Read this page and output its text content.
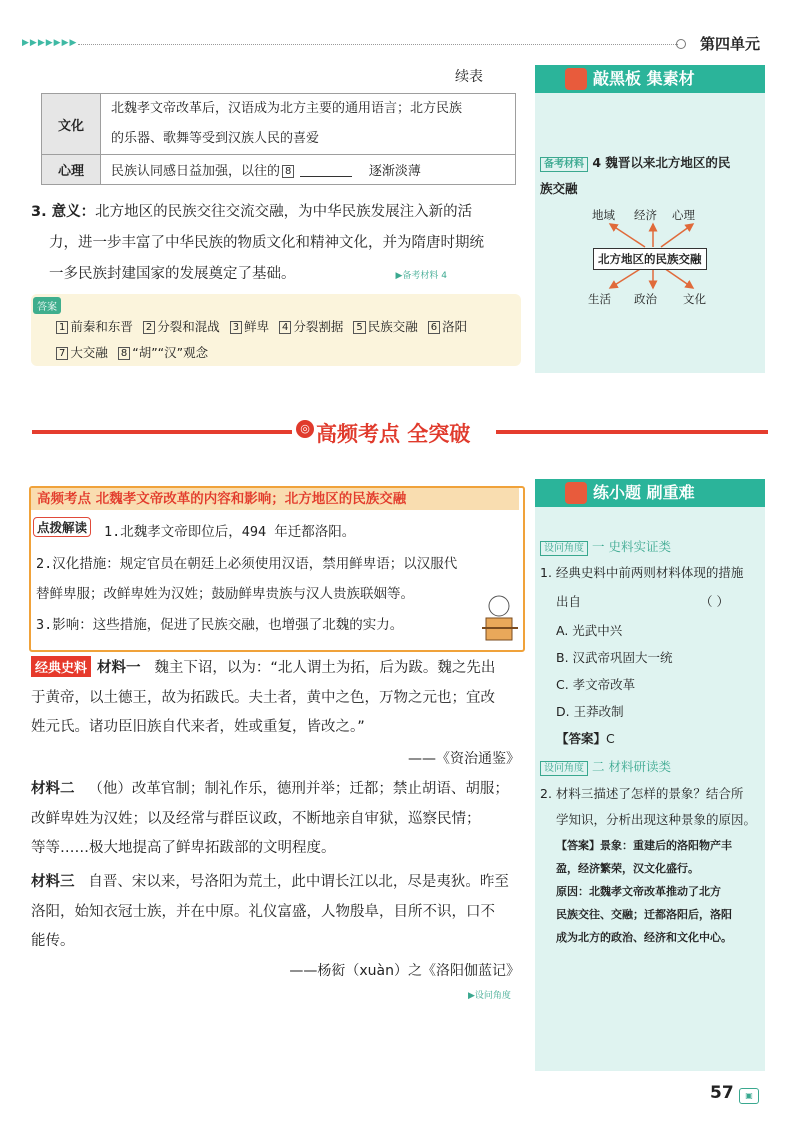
▶▶▶▶▶▶▶	第四单元
续表
文化	北魏孝文帝改革后，汉语成为北方主要的通用语言；北方民族
的乐器、歌舞等受到汉族人民的喜爱

心理	民族认同感日益加强，以往的 8 逐渐淡薄
3. 意义：北方地区的民族交往交流交融，为中华民族发展注入新的活
力，进一步丰富了中华民族的物质文化和精神文化，并为隋唐时期统
一多民族封建国家的发展奠定了基础。	▶备考材料 4
答案
1 前秦和东晋 2 分裂和混战 3 鲜卑 4 分裂割据 5 民族交融 6 洛阳
7 大交融 8 “胡”“汉”观念
敲黑板 集素材
备考材料 4 魏晋以来北方地区的民
族交融
地域 经济 心理
北方地区的民族交融
生活 政治 文化
◎ 高频考点 全突破
高频考点 北魏孝文帝改革的内容和影响；北方地区的民族交融
点拨解读 1.北魏孝文帝即位后，494 年迁都洛阳。
2.汉化措施：规定官员在朝廷上必须使用汉语，禁用鲜卑语；以汉服代
替鲜卑服；改鲜卑姓为汉姓；鼓励鲜卑贵族与汉人贵族联姻等。
3.影响：这些措施，促进了民族交融，也增强了北魏的实力。
经典史料 材料一 魏主下诏，以为：“北人谓土为拓，后为跋。魏之先出
于黄帝，以土德王，故为拓跋氏。夫土者，黄中之色，万物之元也；宜改
姓元氏。诸功臣旧族自代来者，姓或重复，皆改之。”
——《资治通鉴》
材料二 （他）改革官制；制礼作乐，德刑并举；迁都；禁止胡语、胡服；
改鲜卑姓为汉姓；以及经常与群臣议政，不断地亲自审狱，巡察民情；
等等……极大地提高了鲜卑拓跋部的文明程度。
材料三 自晋、宋以来，号洛阳为荒土，此中谓长江以北，尽是夷狄。昨至
洛阳，始知衣冠士族，并在中原。礼仪富盛，人物殷阜，目所不识，口不
能传。
——杨衒（xuàn）之《洛阳伽蓝记》
▶设问角度
练小题 刷重难
设问角度 一 史料实证类
1. 经典史料中前两则材料体现的措施
出自	（ ）
A. 光武中兴
B. 汉武帝巩固大一统
C. 孝文帝改革
D. 王莽改制
【答案】C
设问角度 二 材料研读类
2. 材料三描述了怎样的景象？结合所
学知识，分析出现这种景象的原因。
【答案】景象：重建后的洛阳物产丰
盈，经济繁荣，汉文化盛行。
原因：北魏孝文帝改革推动了北方
民族交往、交融；迁都洛阳后，洛阳
成为北方的政治、经济和文化中心。
57	▣
